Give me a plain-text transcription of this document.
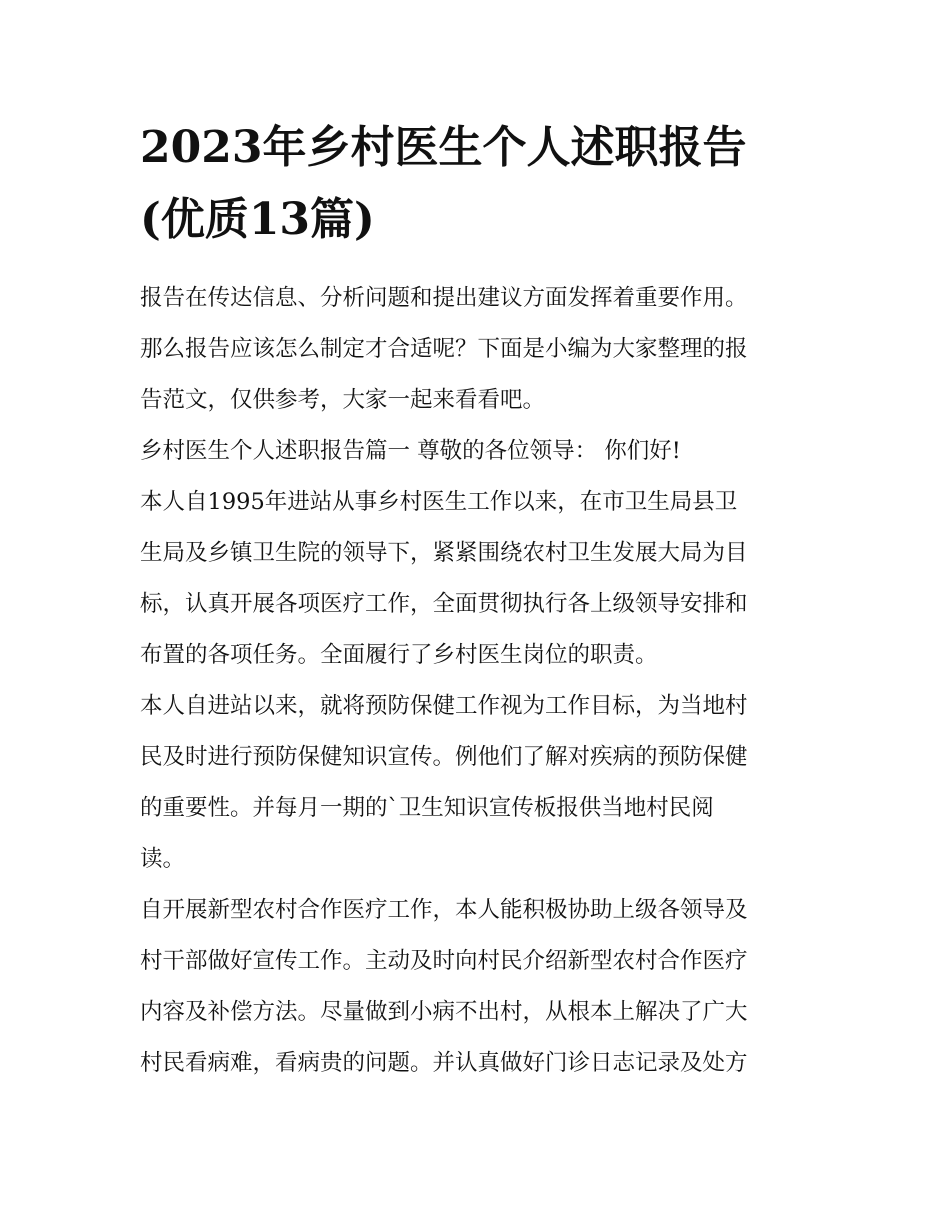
2023年乡村医生个人述职报告
(优质13篇)
报告在传达信息、分析问题和提出建议方面发挥着重要作用。
那么报告应该怎么制定才合适呢？下面是小编为大家整理的报
告范文，仅供参考，大家一起来看看吧。
乡村医生个人述职报告篇一 尊敬的各位领导： 你们好!
本人自1995年进站从事乡村医生工作以来，在市卫生局县卫
生局及乡镇卫生院的领导下，紧紧围绕农村卫生发展大局为目
标，认真开展各项医疗工作，全面贯彻执行各上级领导安排和
布置的各项任务。全面履行了乡村医生岗位的职责。
本人自进站以来，就将预防保健工作视为工作目标，为当地村
民及时进行预防保健知识宣传。例他们了解对疾病的预防保健
的重要性。并每月一期的`卫生知识宣传板报供当地村民阅
读。
自开展新型农村合作医疗工作，本人能积极协助上级各领导及
村干部做好宣传工作。主动及时向村民介绍新型农村合作医疗
内容及补偿方法。尽量做到小病不出村，从根本上解决了广大
村民看病难，看病贵的问题。并认真做好门诊日志记录及处方
